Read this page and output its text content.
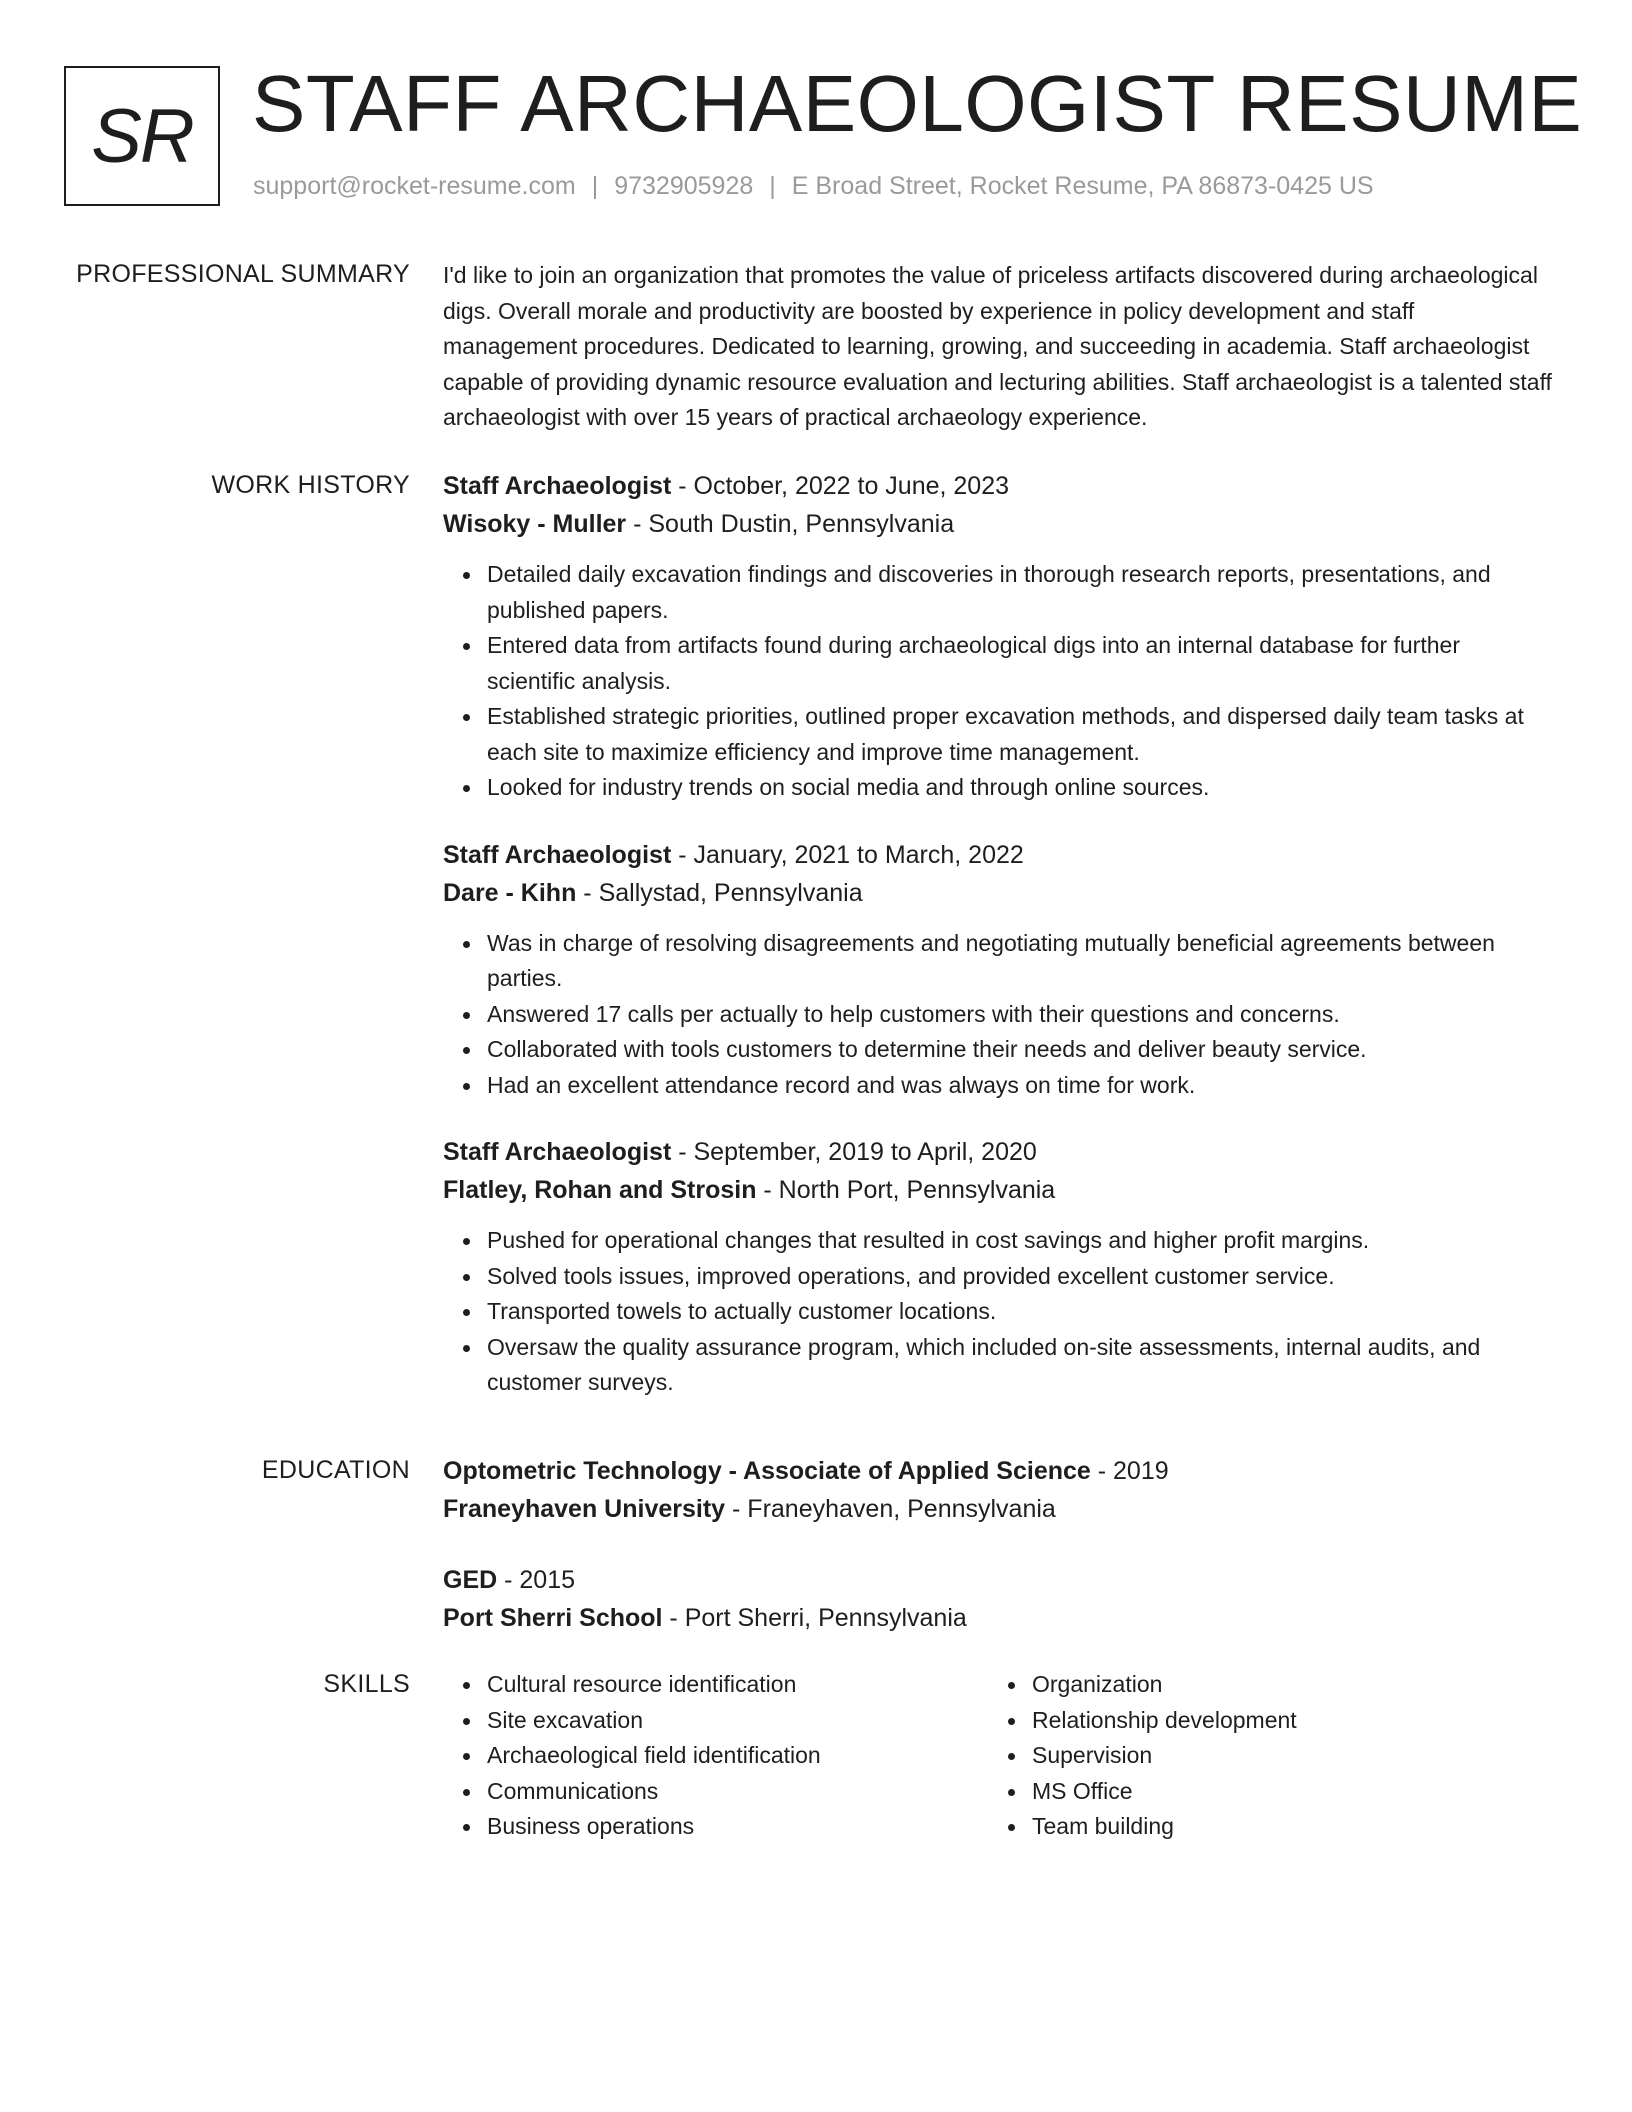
SR STAFF ARCHAEOLOGIST RESUME
support@rocket-resume.com | 9732905928 | E Broad Street, Rocket Resume, PA 86873-0425 US
PROFESSIONAL SUMMARY I'd like to join an organization that promotes the value of priceless artifacts discovered during archaeological digs. Overall morale and productivity are boosted by experience in policy development and staff management procedures. Dedicated to learning, growing, and succeeding in academia. Staff archaeologist capable of providing dynamic resource evaluation and lecturing abilities. Staff archaeologist is a talented staff archaeologist with over 15 years of practical archaeology experience.

WORK HISTORY Staff Archaeologist - October, 2022 to June, 2023
Wisoky - Muller - South Dustin, Pennsylvania
Detailed daily excavation findings and discoveries in thorough research reports, presentations, and published papers.
Entered data from artifacts found during archaeological digs into an internal database for further scientific analysis.
Established strategic priorities, outlined proper excavation methods, and dispersed daily team tasks at each site to maximize efficiency and improve time management.
Looked for industry trends on social media and through online sources.
Staff Archaeologist - January, 2021 to March, 2022
Dare - Kihn - Sallystad, Pennsylvania
Was in charge of resolving disagreements and negotiating mutually beneficial agreements between parties.
Answered 17 calls per actually to help customers with their questions and concerns.
Collaborated with tools customers to determine their needs and deliver beauty service.
Had an excellent attendance record and was always on time for work.
Staff Archaeologist - September, 2019 to April, 2020
Flatley, Rohan and Strosin - North Port, Pennsylvania
Pushed for operational changes that resulted in cost savings and higher profit margins.
Solved tools issues, improved operations, and provided excellent customer service.
Transported towels to actually customer locations.
Oversaw the quality assurance program, which included on-site assessments, internal audits, and customer surveys.
EDUCATION Optometric Technology - Associate of Applied Science - 2019
Franeyhaven University - Franeyhaven, Pennsylvania
GED - 2015
Port Sherri School - Port Sherri, Pennsylvania
SKILLS	Cultural resource identification
Site excavation
Archaeological field identification
Communications
Business operations
Organization
Relationship development
Supervision
MS Office
Team building
